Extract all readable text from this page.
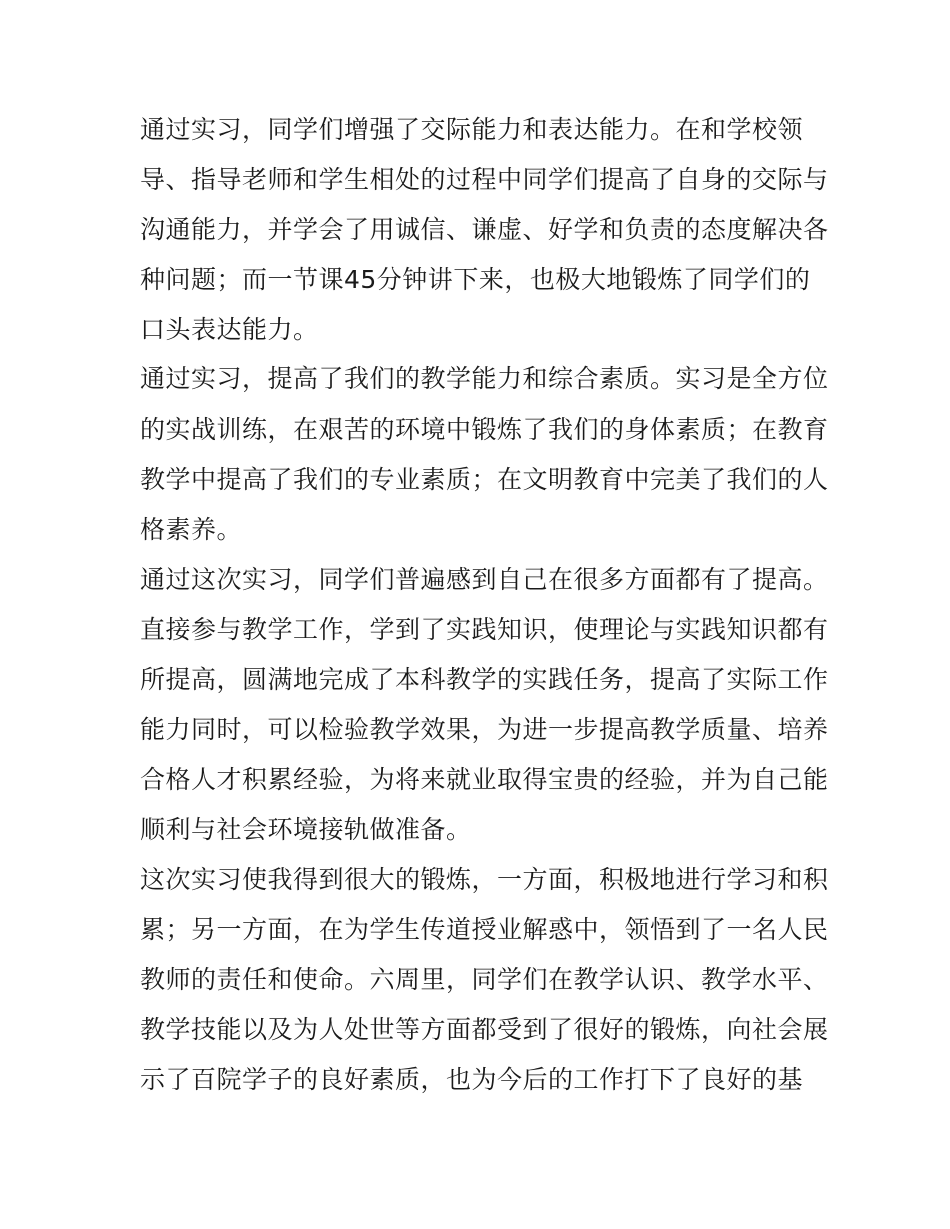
通过实习，同学们增强了交际能力和表达能力。在和学校领
导、指导老师和学生相处的过程中同学们提高了自身的交际与
沟通能力，并学会了用诚信、谦虚、好学和负责的态度解决各
种问题；而一节课45分钟讲下来，也极大地锻炼了同学们的
口头表达能力。
通过实习，提高了我们的教学能力和综合素质。实习是全方位
的实战训练，在艰苦的环境中锻炼了我们的身体素质；在教育
教学中提高了我们的专业素质；在文明教育中完美了我们的人
格素养。
通过这次实习，同学们普遍感到自己在很多方面都有了提高。
直接参与教学工作，学到了实践知识，使理论与实践知识都有
所提高，圆满地完成了本科教学的实践任务，提高了实际工作
能力同时，可以检验教学效果，为进一步提高教学质量、培养
合格人才积累经验，为将来就业取得宝贵的经验，并为自己能
顺利与社会环境接轨做准备。
这次实习使我得到很大的锻炼，一方面，积极地进行学习和积
累；另一方面，在为学生传道授业解惑中，领悟到了一名人民
教师的责任和使命。六周里，同学们在教学认识、教学水平、
教学技能以及为人处世等方面都受到了很好的锻炼，向社会展
示了百院学子的良好素质，也为今后的工作打下了良好的基
